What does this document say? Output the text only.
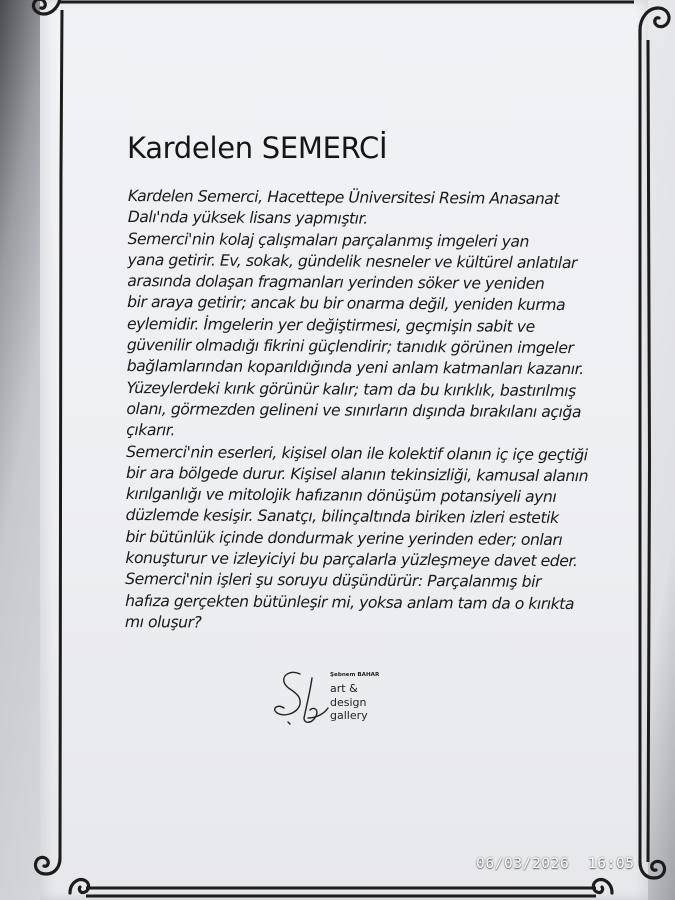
Kardelen SEMERCİ
Kardelen Semerci, Hacettepe Üniversitesi Resim Anasanat
Dalı'nda yüksek lisans yapmıştır.
Semerci'nin kolaj çalışmaları parçalanmış imgeleri yan
yana getirir. Ev, sokak, gündelik nesneler ve kültürel anlatılar
arasında dolaşan fragmanları yerinden söker ve yeniden
bir araya getirir; ancak bu bir onarma değil, yeniden kurma
eylemidir. İmgelerin yer değiştirmesi, geçmişin sabit ve
güvenilir olmadığı fikrini güçlendirir; tanıdık görünen imgeler
bağlamlarından koparıldığında yeni anlam katmanları kazanır.
Yüzeylerdeki kırık görünür kalır; tam da bu kırıklık, bastırılmış
olanı, görmezden gelineni ve sınırların dışında bırakılanı açığa
çıkarır.
Semerci'nin eserleri, kişisel olan ile kolektif olanın iç içe geçtiği
bir ara bölgede durur. Kişisel alanın tekinsizliği, kamusal alanın
kırılganlığı ve mitolojik hafızanın dönüşüm potansiyeli aynı
düzlemde kesişir. Sanatçı, bilinçaltında biriken izleri estetik
bir bütünlük içinde dondurmak yerine yerinden eder; onları
konuşturur ve izleyiciyi bu parçalarla yüzleşmeye davet eder.
Semerci'nin işleri şu soruyu düşündürür: Parçalanmış bir
hafıza gerçekten bütünleşir mi, yoksa anlam tam da o kırıkta
mı oluşur?
Şebnem BAHAR
art &
design
gallery
06/03/2026  16:05
